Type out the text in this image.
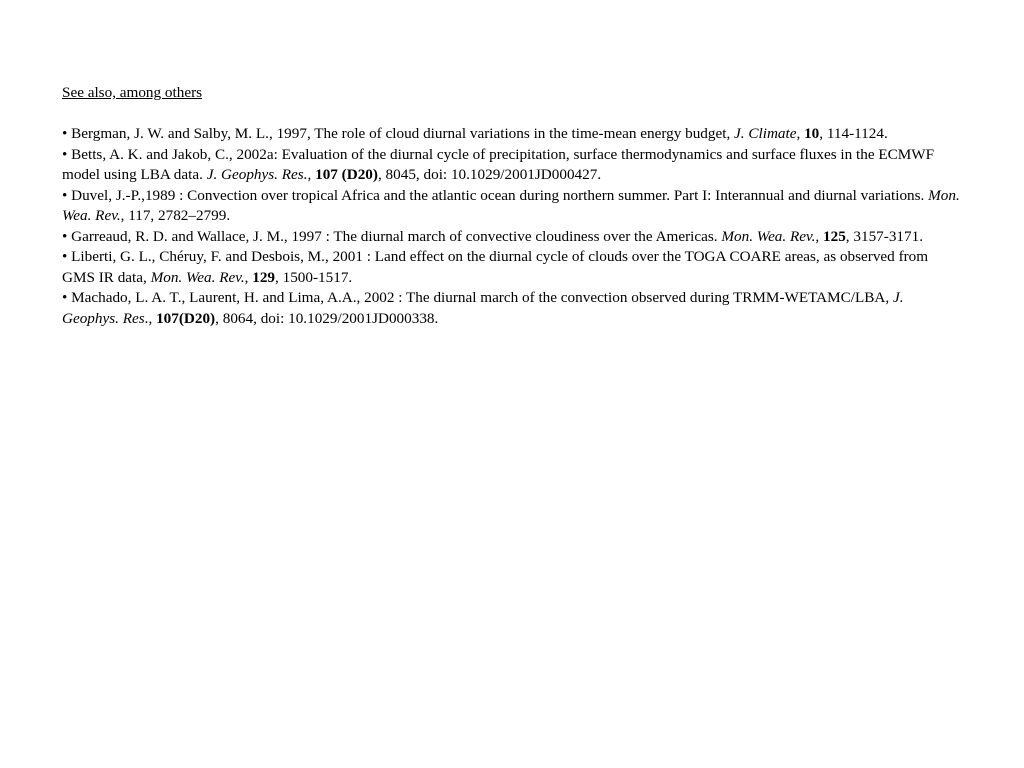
See also, among others
• Bergman, J. W. and Salby, M. L., 1997, The role of cloud diurnal variations in the time-mean energy budget, J. Climate, 10, 114-1124.
• Betts, A. K. and Jakob, C., 2002a: Evaluation of the diurnal cycle of precipitation, surface thermodynamics and surface fluxes in the ECMWF model using LBA data. J. Geophys. Res., 107 (D20), 8045, doi: 10.1029/2001JD000427.
• Duvel, J.-P.,1989 : Convection over tropical Africa and the atlantic ocean during northern summer. Part I: Interannual and diurnal variations. Mon. Wea. Rev., 117, 2782–2799.
• Garreaud, R. D. and Wallace, J. M., 1997 : The diurnal march of convective cloudiness over the Americas. Mon. Wea. Rev., 125, 3157-3171.
• Liberti, G. L., Chéruy, F. and Desbois, M., 2001 : Land effect on the diurnal cycle of clouds over the TOGA COARE areas, as observed from GMS IR data, Mon. Wea. Rev., 129, 1500-1517.
• Machado, L. A. T., Laurent, H. and Lima, A.A., 2002 : The diurnal march of the convection observed during TRMM-WETAMC/LBA, J. Geophys. Res., 107(D20), 8064, doi: 10.1029/2001JD000338.
